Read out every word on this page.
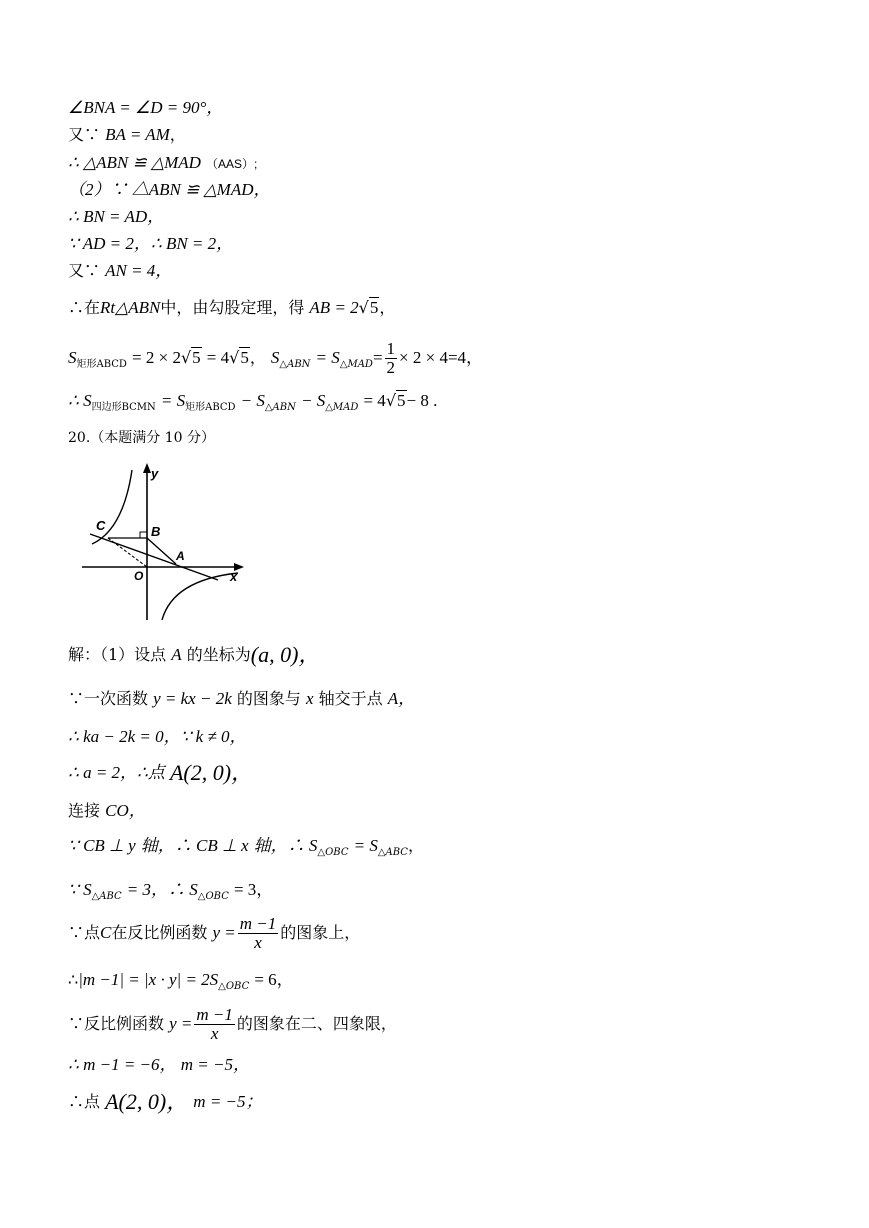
∠BNA = ∠D = 90°，
又∵ BA = AM，
∴ △ABN ≌ △MAD （AAS）;
（2）∵ △ABN ≌ △MAD，
∴ BN = AD，
∵ AD = 2，∴ BN = 2，
又∵ AN = 4，
∴在Rt△ABN中，由勾股定理，得 AB = 2√5，
$S_{矩形ABCD} = 2 \times 2√5 = 4√5$， $S_{\triangle ABN} = S_{\triangle MAD}= \frac{1}{2} \times 2 \times 4=4$，
∴ $S_{四边形BCMN} = S_{矩形ABCD} - S_{\triangle ABN} - S_{\triangle MAD} = 4√5- 8$ .
20.（本题满分 10 分）
C	B
A
O	x
y
解：（1）设点 A 的坐标为(a, 0)，
∵一次函数 y = kx − 2k 的图象与 x 轴交于点 A，
∴ ka − 2k = 0，∵ k ≠ 0，
∴ a = 2，∴点 A(2, 0)，
连接 CO，
∵ CB ⊥ y 轴，∴ CB ⊥ x 轴，∴ $S_{\triangle OBC} = S_{\triangle ABC}$，
∵ $S_{\triangle ABC} = 3$，∴ $S_{\triangle OBC} = 3$，
∵点C在反比例函数 $y = \frac{m -1}{x}$ 的图象上，
∴|m $-1| = |x \cdot y| = 2S_{\triangle OBC} = 6$，
∵反比例函数 $y = \frac{m -1}{x}$ 的图象在二、四象限，
∴ m −1 = −6， m = −5，
∴点 A(2, 0)， m = −5；
